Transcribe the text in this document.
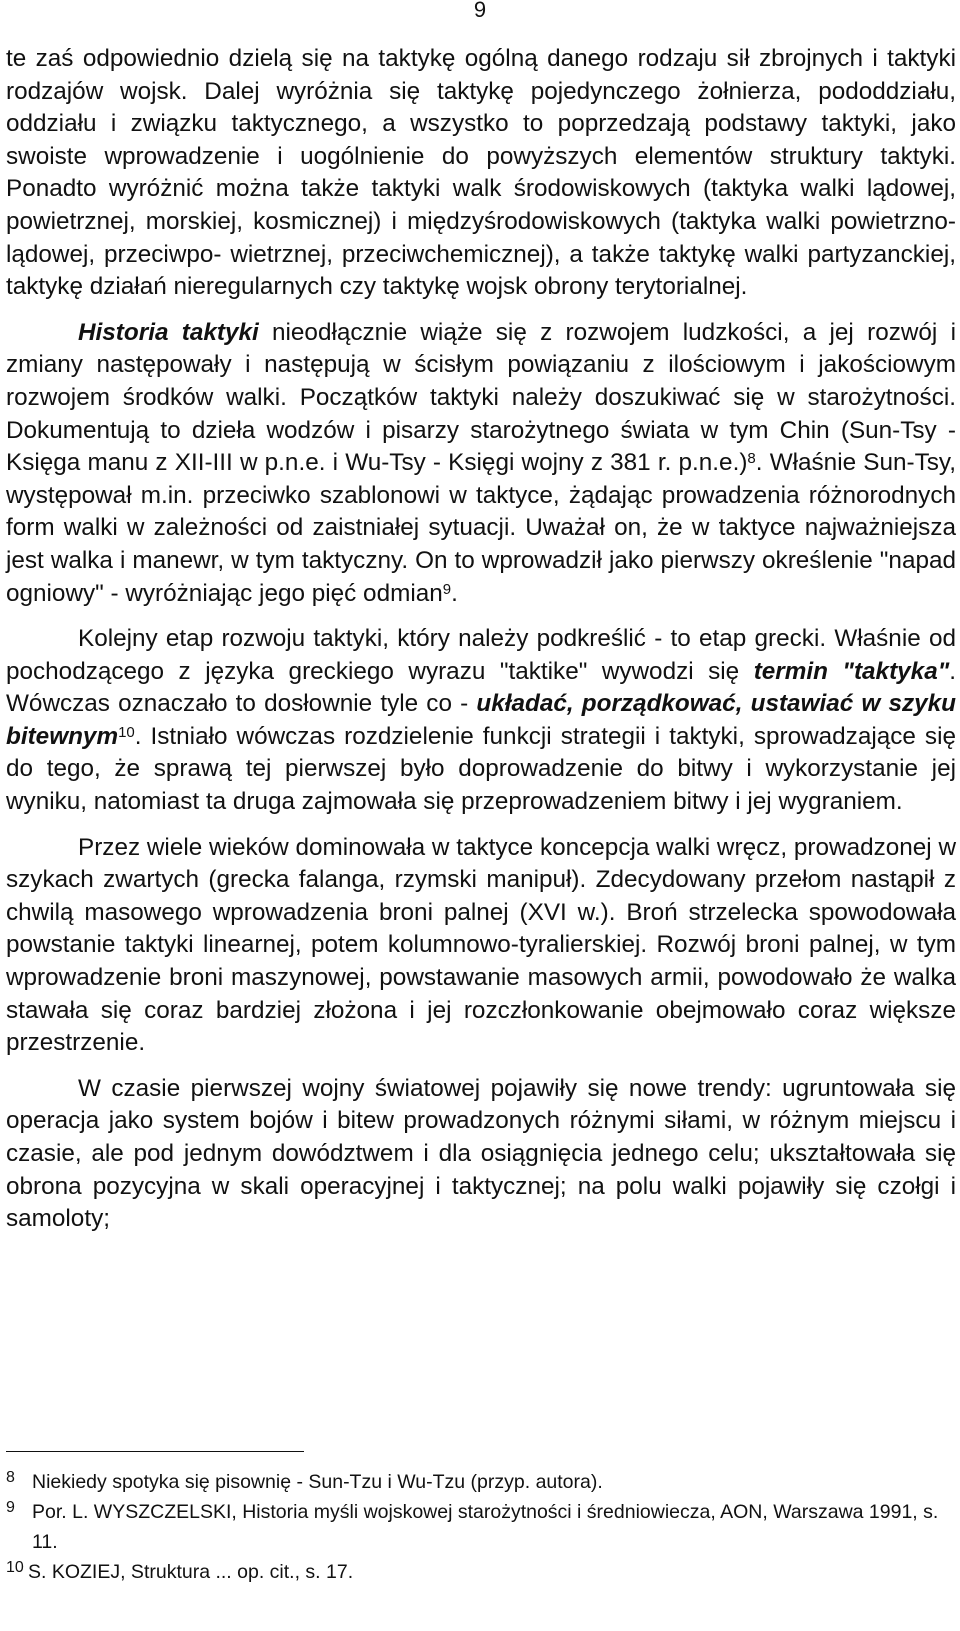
9

te zaś odpowiednio dzielą się na taktykę ogólną danego rodzaju sił zbrojnych i taktyki rodzajów wojsk. Dalej wyróżnia się taktykę pojedynczego żołnierza, pododdziału, oddziału i związku taktycznego, a wszystko to poprzedzają podstawy taktyki, jako swoiste wprowadzenie i uogólnienie do powyższych elementów struktury taktyki. Ponadto wyróżnić można także taktyki walk środowiskowych (taktyka walki lądowej, powietrznej, morskiej, kosmicznej) i międzyśrodowiskowych (taktyka walki powietrzno-lądowej, przeciwpo- wietrznej, przeciwchemicznej), a także taktykę walki partyzanckiej, taktykę działań nieregularnych czy taktykę wojsk obrony terytorialnej.

Historia taktyki nieodłącznie wiąże się z rozwojem ludzkości, a jej rozwój i zmiany następowały i następują w ścisłym powiązaniu z ilościowym i jakościowym rozwojem środków walki. Początków taktyki należy doszukiwać się w starożytności. Dokumentują to dzieła wodzów i pisarzy starożytnego świata w tym Chin (Sun-Tsy - Księga manu z XII-III w p.n.e. i Wu-Tsy - Księgi wojny z 381 r. p.n.e.)$^8$. Właśnie Sun-Tsy, występował m.in. przeciwko szablonowi w taktyce, żądając prowadzenia różnorodnych form walki w zależności od zaistniałej sytuacji. Uważał on, że w taktyce najważniejsza jest walka i manewr, w tym taktyczny. On to wprowadził jako pierwszy określenie "napad ogniowy" - wyróżniając jego pięć odmian$^9$.

Kolejny etap rozwoju taktyki, który należy podkreślić - to etap grecki. Właśnie od pochodzącego z języka greckiego wyrazu "taktike" wywodzi się termin "taktyka". Wówczas oznaczało to dosłownie tyle co - układać, porządkować, ustawiać w szyku bitewnym$^{10}$. Istniało wówczas rozdzielenie funkcji strategii i taktyki, sprowadzające się do tego, że sprawą tej pierwszej było doprowadzenie do bitwy i wykorzystanie jej wyniku, natomiast ta druga zajmowała się przeprowadzeniem bitwy i jej wygraniem.

Przez wiele wieków dominowała w taktyce koncepcja walki wręcz, prowadzonej w szykach zwartych (grecka falanga, rzymski manipuł). Zdecydowany przełom nastąpił z chwilą masowego wprowadzenia broni palnej (XVI w.). Broń strzelecka spowodowała powstanie taktyki linearnej, potem kolumnowo-tyralierskiej. Rozwój broni palnej, w tym wprowadzenie broni maszynowej, powstawanie masowych armii, powodowało że walka stawała się coraz bardziej złożona i jej rozczłonkowanie obejmowało coraz większe przestrzenie.

W czasie pierwszej wojny światowej pojawiły się nowe trendy: ugruntowała się operacja jako system bojów i bitew prowadzonych różnymi siłami, w różnym miejscu i czasie, ale pod jednym dowództwem i dla osiągnięcia jednego celu; ukształtowała się obrona pozycyjna w skali operacyjnej i taktycznej; na polu walki pojawiły się czołgi i samoloty;

8 Niekiedy spotyka się pisownię - Sun-Tzu i Wu-Tzu (przyp. autora).
9 Por. L. WYSZCZELSKI, Historia myśli wojskowej starożytności i średniowiecza, AON, Warszawa 1991, s. 11.
10 S. KOZIEJ, Struktura ... op. cit., s. 17.
